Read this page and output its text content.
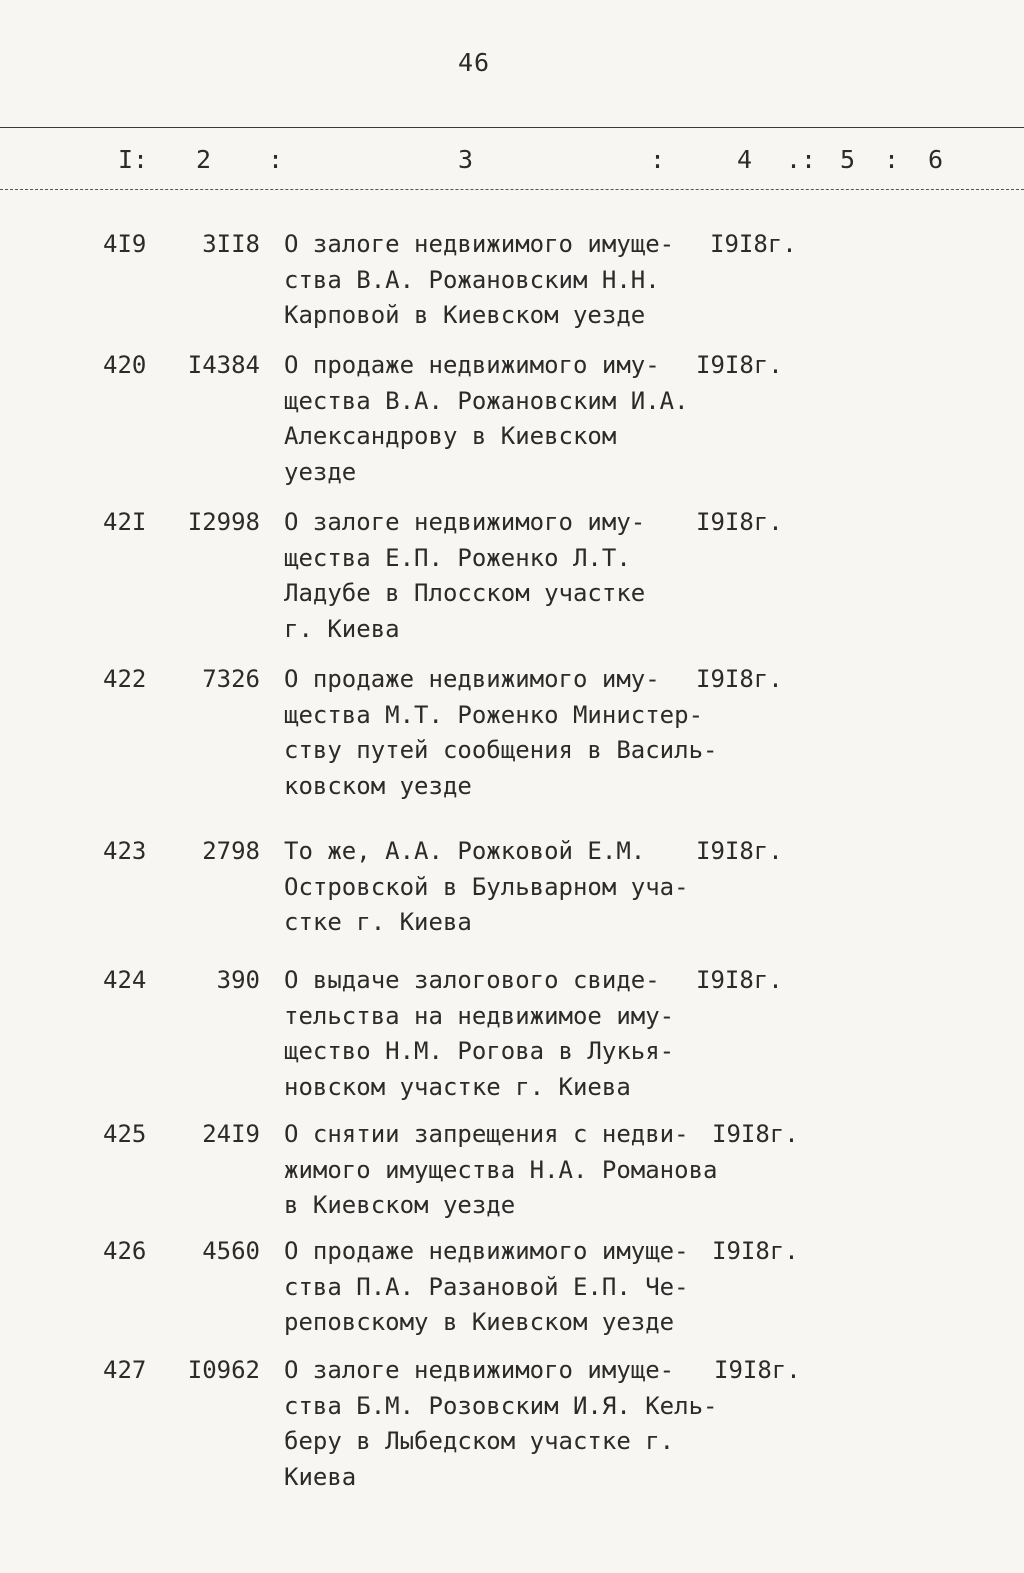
46
I: 2 :	3	:	4 .: 5 : 6
4I9	3II8 О залоге недвижимого имуще-
ства В.А. Рожановским Н.Н.
Карповой в Киевском уезде
I9I8г.
420	I4384 О продаже недвижимого иму-
щества В.А. Рожановским И.А.
Александрову в Киевском
уезде
I9I8г.
42I	I2998 О залоге недвижимого иму-
щества Е.П. Роженко Л.Т.
Ладубе в Плосском участке
г. Киева
I9I8г.
422	7326 О продаже недвижимого иму-
щества М.Т. Роженко Министер-
ству путей сообщения в Василь-
ковском уезде
I9I8г.
423	2798 То же, А.А. Рожковой Е.М.
Островской в Бульварном уча-
стке г. Киева
I9I8г.
424	390 О выдаче залогового свиде-
тельства на недвижимое иму-
щество Н.М. Рогова в Лукья-
новском участке г. Киева
I9I8г.
425	24I9 О снятии запрещения с недви-
жимого имущества Н.А. Романова
в Киевском уезде
I9I8г.
426	4560 О продаже недвижимого имуще-
ства П.А. Разановой Е.П. Че-
реповскому в Киевском уезде
I9I8г.
427	I0962 О залоге недвижимого имуще-
ства Б.М. Розовским И.Я. Кель-
беру в Лыбедском участке г.
Киева
I9I8г.
